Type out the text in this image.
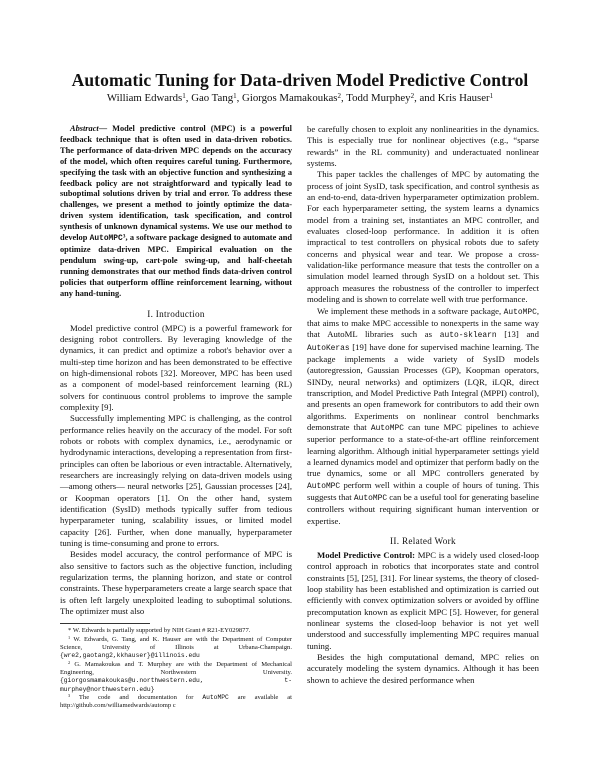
Automatic Tuning for Data-driven Model Predictive Control
William Edwards$^1$, Gao Tang$^1$, Giorgos Mamakoukas$^2$, Todd Murphey$^2$, and Kris Hauser$^1$

Abstract— Model predictive control (MPC) is a powerful feedback technique that is often used in data-driven robotics. The performance of data-driven MPC depends on the accuracy of the model, which often requires careful tuning. Furthermore, specifying the task with an objective function and synthesizing a feedback policy are not straightforward and typically lead to suboptimal solutions driven by trial and error. To address these challenges, we present a method to jointly optimize the data-driven system identification, task specification, and control synthesis of unknown dynamical systems. We use our method to develop AutoMPC$^3$, a software package designed to automate and optimize data-driven MPC. Empirical evaluation on the pendulum swing-up, cart-pole swing-up, and half-cheetah running demonstrates that our method finds data-driven control policies that outperform offline reinforcement learning, without any hand-tuning.

I. Introduction

Model predictive control (MPC) is a powerful framework for designing robot controllers. By leveraging knowledge of the dynamics, it can predict and optimize a robot's behavior over a multi-step time horizon and has been demonstrated to be effective on high-dimensional robots [32]. Moreover, MPC has been used as a component of model-based reinforcement learning (RL) solvers for continuous control problems to improve the sample complexity [9].

Successfully implementing MPC is challenging, as the control performance relies heavily on the accuracy of the model. For soft robots or robots with complex dynamics, i.e., aerodynamic or hydrodynamic interactions, developing a representation from first-principles can often be laborious or even intractable. Alternatively, researchers are increasingly relying on data-driven models using—among others— neural networks [25], Gaussian processes [24], or Koopman operators [1]. On the other hand, system identification (SysID) methods typically suffer from tedious hyperparameter tuning, scalability issues, or limited model capacity [26]. Further, when done manually, hyperparameter tuning is time-consuming and prone to errors.

Besides model accuracy, the control performance of MPC is also sensitive to factors such as the objective function, including regularization terms, the planning horizon, and state or control constraints. These hyperparameters create a large search space that is often left largely unexploited leading to suboptimal solutions. The optimizer must also

* W. Edwards is partially supported by NIH Grant # R21-EY029877.

$^1$ W. Edwards, G. Tang, and K. Hauser are with the Department of Computer Science, University of Illinois at Urbana-Champaign. {wre2,gaotang2,kkhauser}@illinois.edu

$^2$ G. Mamakoukas and T. Murphey are with the Department of Mechanical Engineering, Northwestern University. {giorgosmamakoukas@u.northwestern.edu, t-murphey@northwestern.edu}

$^3$ The code and documentation for AutoMPC are available at http://github.com/williamedwards/automp c

be carefully chosen to exploit any nonlinearities in the dynamics. This is especially true for nonlinear objectives (e.g., “sparse rewards” in the RL community) and underactuated nonlinear systems.

This paper tackles the challenges of MPC by automating the process of joint SysID, task specification, and control synthesis as an end-to-end, data-driven hyperparameter optimization problem. For each hyperparameter setting, the system learns a dynamics model from a training set, instantiates an MPC controller, and evaluates closed-loop performance. In addition it is often impractical to test controllers on physical robots due to safety concerns and physical wear and tear. We propose a cross-validation-like performance measure that tests the controller on a simulation model learned through SysID on a holdout set. This approach measures the robustness of the controller to imperfect modeling and is shown to correlate well with true performance.

We implement these methods in a software package, AutoMPC, that aims to make MPC accessible to nonexperts in the same way that AutoML libraries such as auto-sklearn [13] and AutoKeras [19] have done for supervised machine learning. The package implements a wide variety of SysID models (autoregression, Gaussian Processes (GP), Koopman operators, SINDy, neural networks) and optimizers (LQR, iLQR, direct transcription, and Model Predictive Path Integral (MPPI) control), and presents an open framework for contributors to add their own algorithms. Experiments on nonlinear control benchmarks demonstrate that AutoMPC can tune MPC pipelines to achieve superior performance to a state-of-the-art offline reinforcement learning algorithm. Although initial hyperparameter settings yield a learned dynamics model and optimizer that perform badly on the true dynamics, some or all MPC controllers generated by AutoMPC perform well within a couple of hours of tuning. This suggests that AutoMPC can be a useful tool for generating baseline controllers without requiring significant human intervention or expertise.

II. Related Work

Model Predictive Control: MPC is a widely used closed-loop control approach in robotics that incorporates state and control constraints [5], [25], [31]. For linear systems, the theory of closed-loop stability has been established and optimization is carried out efficiently with convex optimization solvers or avoided by offline precomputation known as explicit MPC [5]. However, for general nonlinear systems the closed-loop behavior is not yet well understood and successfully implementing MPC requires manual tuning.

Besides the high computational demand, MPC relies on accurately modeling the system dynamics. Although it has been shown to achieve the desired performance when
